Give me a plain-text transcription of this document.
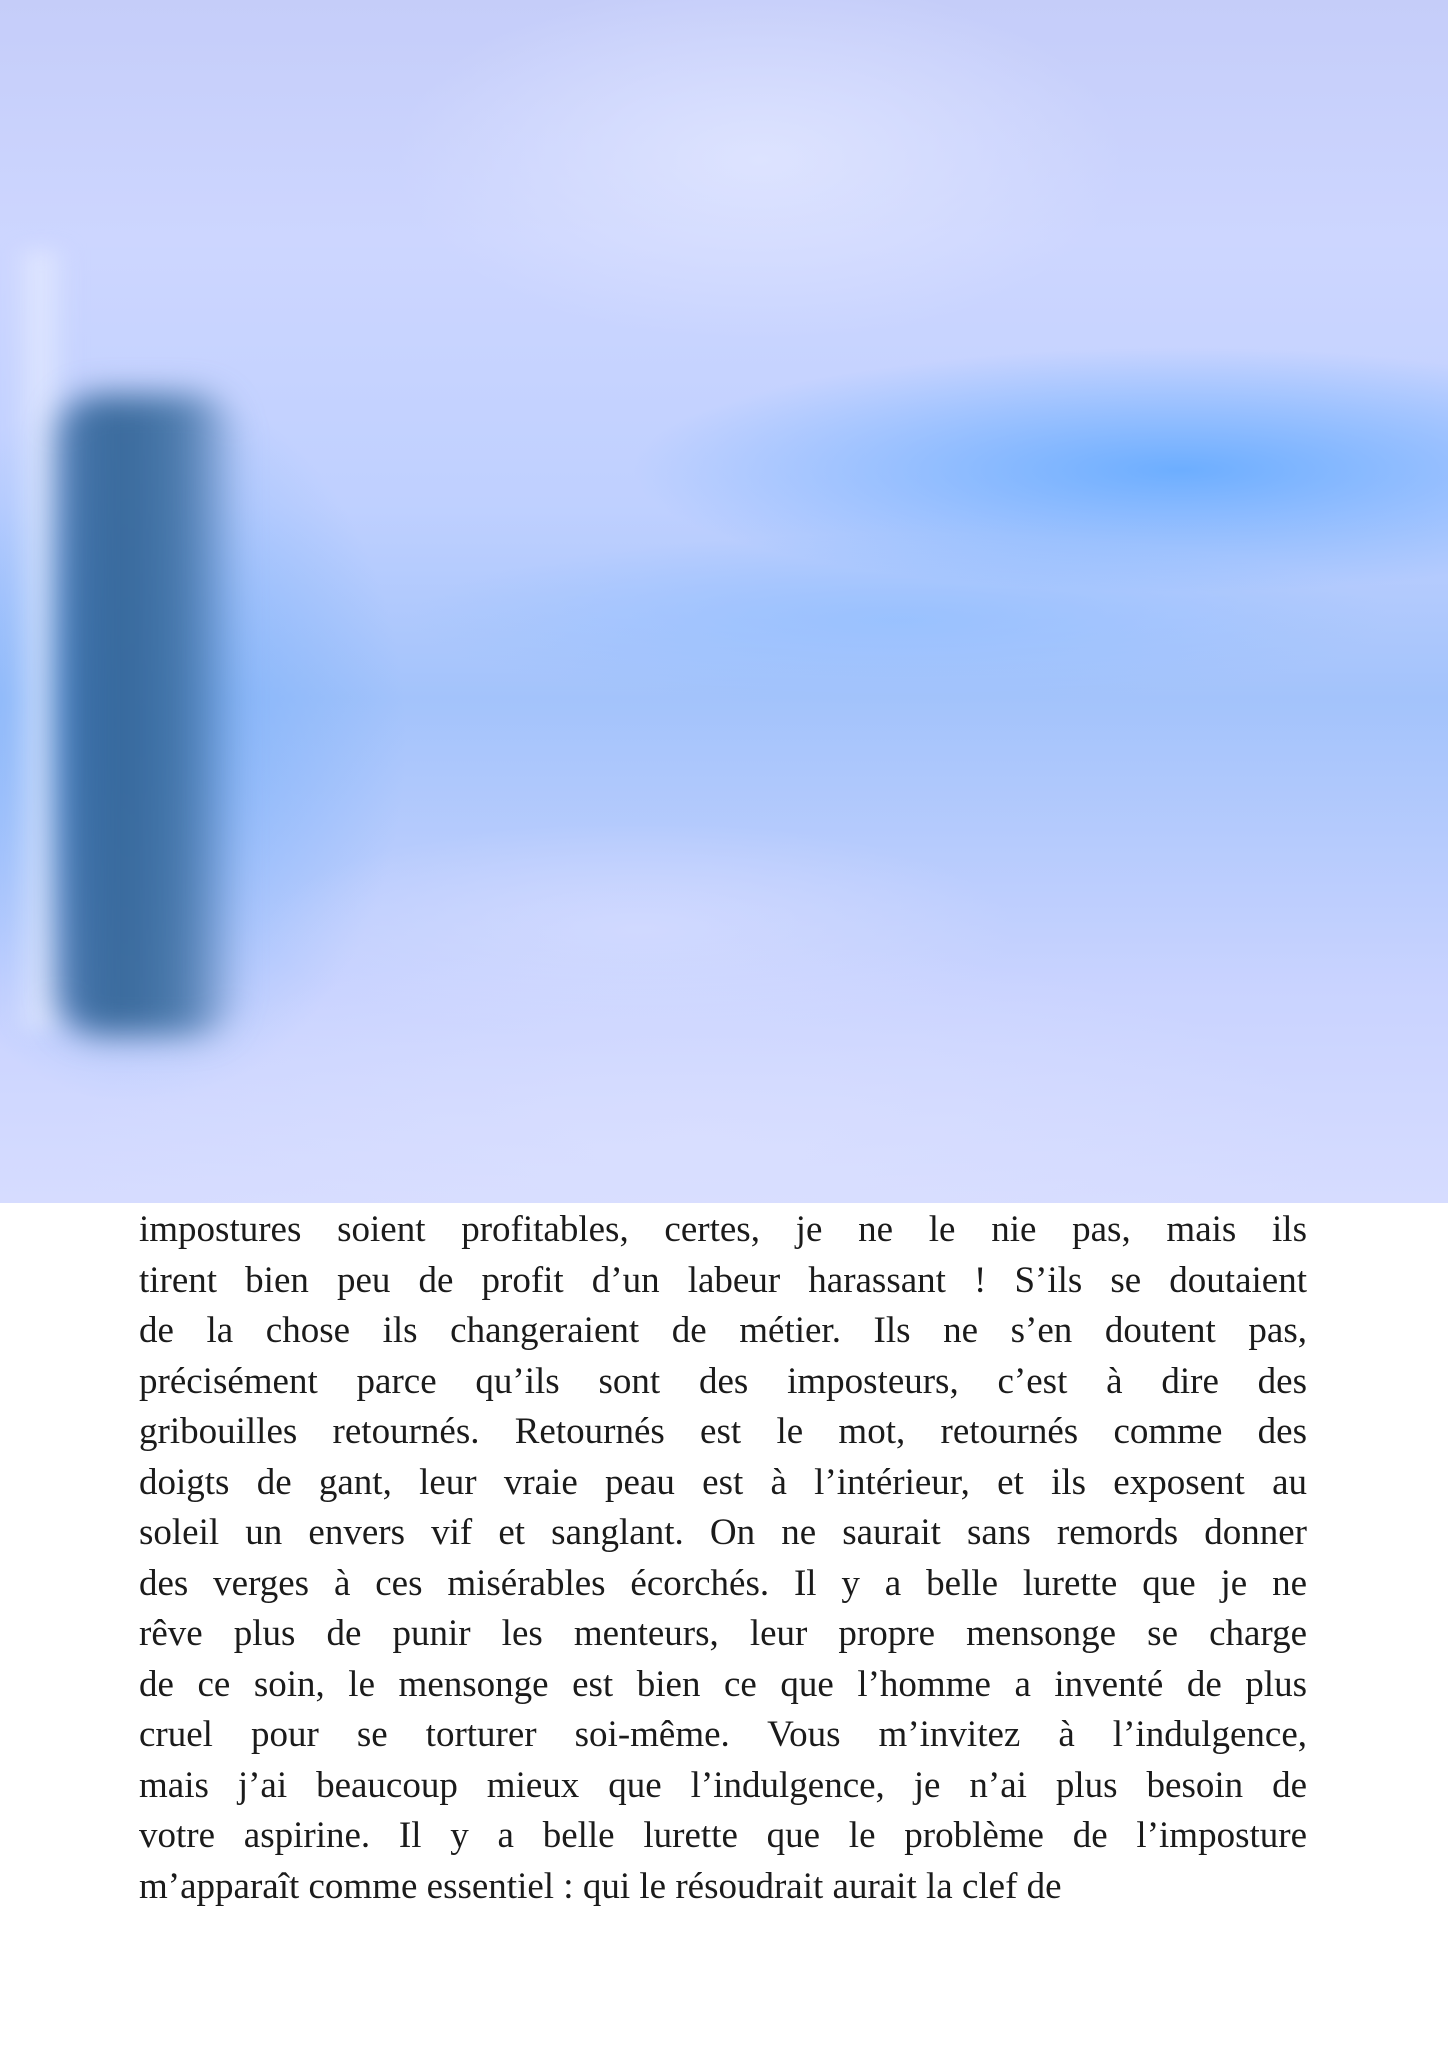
impostures soient profitables, certes, je ne le nie pas, mais ils
tirent bien peu de profit d’un labeur harassant ! S’ils se doutaient
de la chose ils changeraient de métier. Ils ne s’en doutent pas,
précisément parce qu’ils sont des imposteurs, c’est à dire des
gribouilles retournés. Retournés est le mot, retournés comme des
doigts de gant, leur vraie peau est à l’intérieur, et ils exposent au
soleil un envers vif et sanglant. On ne saurait sans remords donner
des verges à ces misérables écorchés. Il y a belle lurette que je ne
rêve plus de punir les menteurs, leur propre mensonge se charge
de ce soin, le mensonge est bien ce que l’homme a inventé de plus
cruel pour se torturer soi-même. Vous m’invitez à l’indulgence,
mais j’ai beaucoup mieux que l’indulgence, je n’ai plus besoin de
votre aspirine. Il y a belle lurette que le problème de l’imposture
m’apparaît comme essentiel : qui le résoudrait aurait la clef de
